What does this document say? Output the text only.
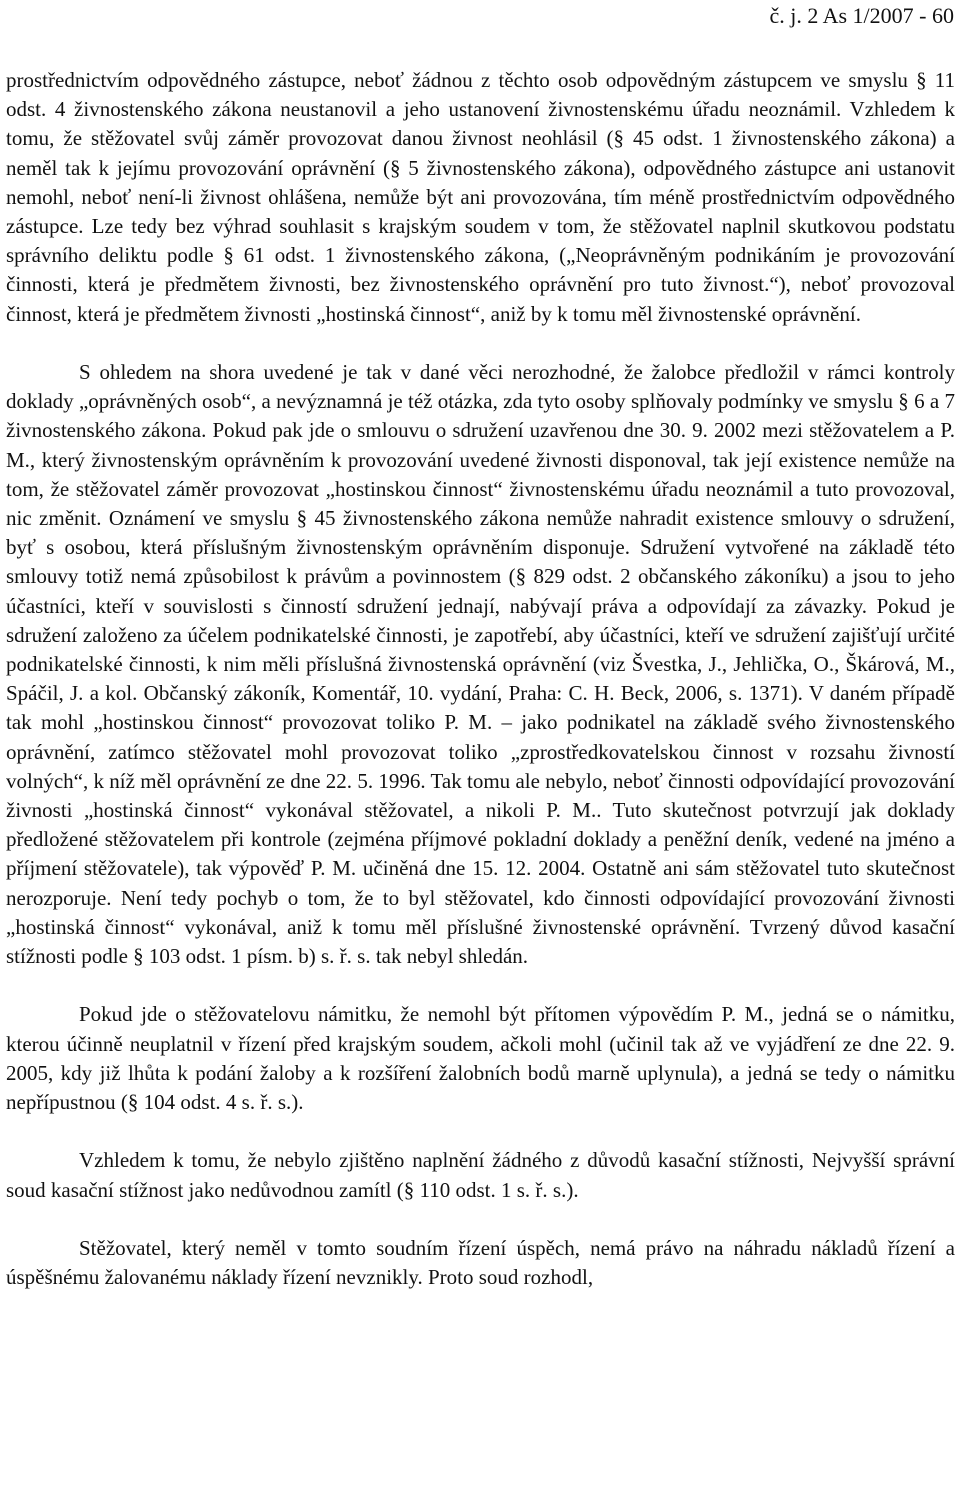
č. j. 2 As 1/2007 - 60

prostřednictvím odpovědného zástupce, neboť žádnou z těchto osob odpovědným zástupcem ve smyslu § 11 odst. 4 živnostenského zákona neustanovil a jeho ustanovení živnostenskému úřadu neoznámil. Vzhledem k tomu, že stěžovatel svůj záměr provozovat danou živnost neohlásil (§ 45 odst. 1 živnostenského zákona) a neměl tak k jejímu provozování oprávnění (§ 5 živnostenského zákona), odpovědného zástupce ani ustanovit nemohl, neboť není-li živnost ohlášena, nemůže být ani provozována, tím méně prostřednictvím odpovědného zástupce. Lze tedy bez výhrad souhlasit s krajským soudem v tom, že stěžovatel naplnil skutkovou podstatu správního deliktu podle § 61 odst. 1 živnostenského zákona, („Neoprávněným podnikáním je provozování činnosti, která je předmětem živnosti, bez živnostenského oprávnění pro tuto živnost.“), neboť provozoval činnost, která je předmětem živnosti „hostinská činnost“, aniž by k tomu měl živnostenské oprávnění.

S ohledem na shora uvedené je tak v dané věci nerozhodné, že žalobce předložil v rámci kontroly doklady „oprávněných osob“, a nevýznamná je též otázka, zda tyto osoby splňovaly podmínky ve smyslu § 6 a 7 živnostenského zákona. Pokud pak jde o smlouvu o sdružení uzavřenou dne 30. 9. 2002 mezi stěžovatelem a P. M., který živnostenským oprávněním k provozování uvedené živnosti disponoval, tak její existence nemůže na tom, že stěžovatel záměr provozovat „hostinskou činnost“ živnostenskému úřadu neoznámil a tuto provozoval, nic změnit. Oznámení ve smyslu § 45 živnostenského zákona nemůže nahradit existence smlouvy o sdružení, byť s osobou, která příslušným živnostenským oprávněním disponuje. Sdružení vytvořené na základě této smlouvy totiž nemá způsobilost k právům a povinnostem (§ 829 odst. 2 občanského zákoníku) a jsou to jeho účastníci, kteří v souvislosti s činností sdružení jednají, nabývají práva a odpovídají za závazky. Pokud je sdružení založeno za účelem podnikatelské činnosti, je zapotřebí, aby účastníci, kteří ve sdružení zajišťují určité podnikatelské činnosti, k nim měli příslušná živnostenská oprávnění (viz Švestka, J., Jehlička, O., Škárová, M., Spáčil, J. a kol. Občanský zákoník, Komentář, 10. vydání, Praha: C. H. Beck, 2006, s. 1371). V daném případě tak mohl „hostinskou činnost“ provozovat toliko P. M. – jako podnikatel na základě svého živnostenského oprávnění, zatímco stěžovatel mohl provozovat toliko „zprostředkovatelskou činnost v rozsahu živností volných“, k níž měl oprávnění ze dne 22. 5. 1996. Tak tomu ale nebylo, neboť činnosti odpovídající provozování živnosti „hostinská činnost“ vykonával stěžovatel, a nikoli P. M.. Tuto skutečnost potvrzují jak doklady předložené stěžovatelem při kontrole (zejména příjmové pokladní doklady a peněžní deník, vedené na jméno a příjmení stěžovatele), tak výpověď P. M. učiněná dne 15. 12. 2004. Ostatně ani sám stěžovatel tuto skutečnost nerozporuje. Není tedy pochyb o tom, že to byl stěžovatel, kdo činnosti odpovídající provozování živnosti „hostinská činnost“ vykonával, aniž k tomu měl příslušné živnostenské oprávnění. Tvrzený důvod kasační stížnosti podle § 103 odst. 1 písm. b) s. ř. s. tak nebyl shledán.

Pokud jde o stěžovatelovu námitku, že nemohl být přítomen výpovědím P. M., jedná se o námitku, kterou účinně neuplatnil v řízení před krajským soudem, ačkoli mohl (učinil tak až ve vyjádření ze dne 22. 9. 2005, kdy již lhůta k podání žaloby a k rozšíření žalobních bodů marně uplynula), a jedná se tedy o námitku nepřípustnou (§ 104 odst. 4 s. ř. s.).

Vzhledem k tomu, že nebylo zjištěno naplnění žádného z důvodů kasační stížnosti, Nejvyšší správní soud kasační stížnost jako nedůvodnou zamítl (§ 110 odst. 1 s. ř. s.).

Stěžovatel, který neměl v tomto soudním řízení úspěch, nemá právo na náhradu nákladů řízení a úspěšnému žalovanému náklady řízení nevznikly. Proto soud rozhodl,
